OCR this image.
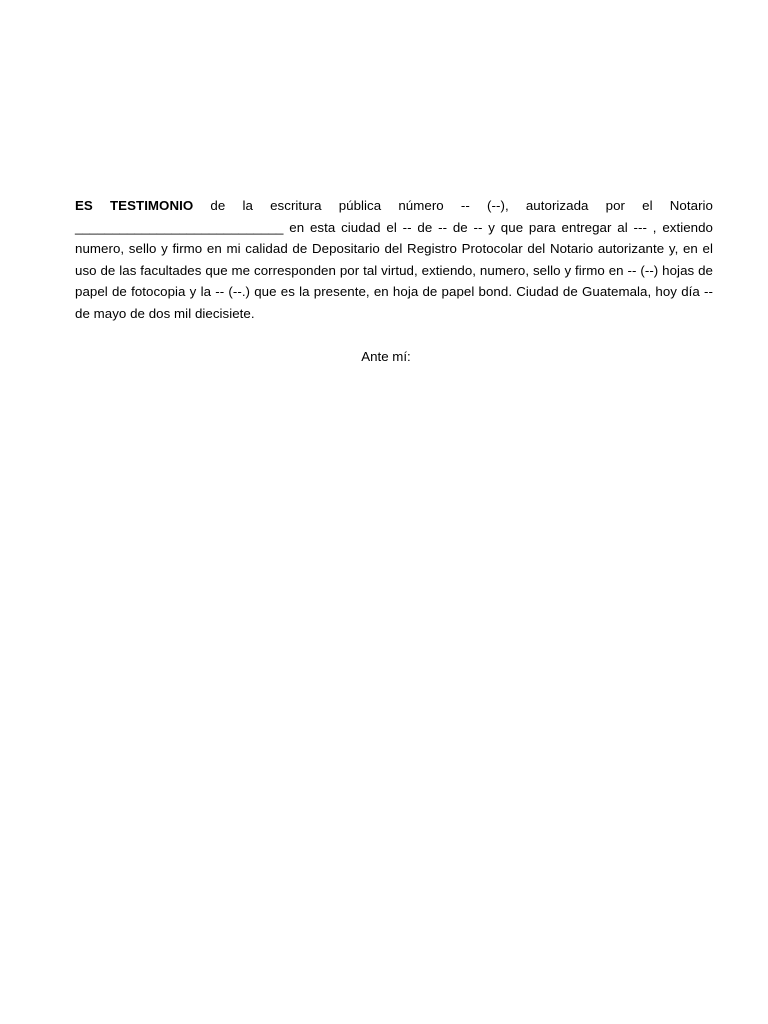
ES TESTIMONIO de la escritura pública número -- (--), autorizada por el Notario ____________________________ en esta ciudad el -- de -- de -- y que para entregar al --- , extiendo numero, sello y firmo en mi calidad de Depositario del Registro Protocolar del Notario autorizante y, en el uso de las facultades que me corresponden por tal virtud, extiendo, numero, sello y firmo en -- (--) hojas de papel de fotocopia y la -- (--.) que es la presente, en hoja de papel bond. Ciudad de Guatemala, hoy día -- de mayo de dos mil diecisiete.

Ante mí:
